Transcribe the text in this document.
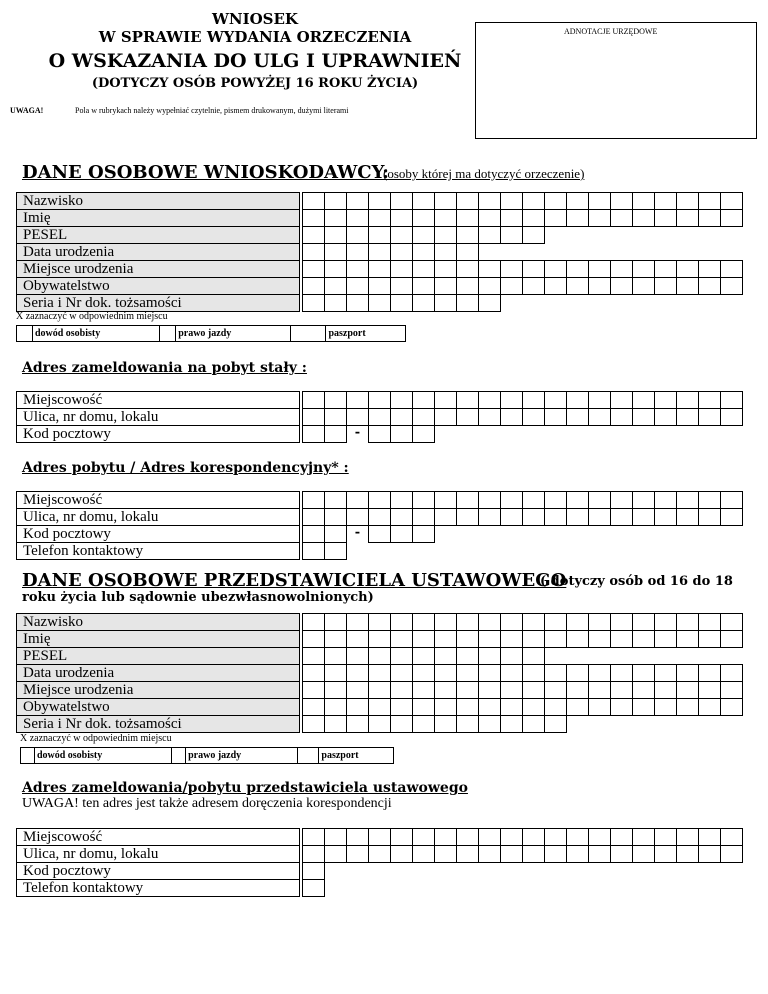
WNIOSEK
W SPRAWIE WYDANIA ORZECZENIA
O WSKAZANIA DO ULG I UPRAWNIEŃ
(DOTYCZY OSÓB POWYŻEJ 16 ROKU ŻYCIA)
ADNOTACJE URZĘDOWE
UWAGA!	Pola w rubrykach należy wypełniać czytelnie, pismem drukowanym, dużymi literami
DANE OSOBOWE WNIOSKODAWCY:
(osoby której ma dotyczyć orzeczenie)
Nazwisko
Imię
PESEL
Data urodzenia
Miejsce urodzenia
Obywatelstwo
Seria i Nr dok. tożsamości
X zaznaczyć w odpowiednim miejscu
dowód osobisty	prawo jazdy	paszport
Adres zameldowania na pobyt stały :
Miejscowość
Ulica, nr domu, lokalu
Kod pocztowy	-
Adres pobytu / Adres korespondencyjny* :
Miejscowość
Ulica, nr domu, lokalu
Kod pocztowy	-
Telefon kontaktowy
DANE OSOBOWE PRZEDSTAWICIELA USTAWOWEGO
( dotyczy osób od 16 do 18
roku życia lub sądownie ubezwłasnowolnionych)
Nazwisko
Imię
PESEL
Data urodzenia
Miejsce urodzenia
Obywatelstwo
Seria i Nr dok. tożsamości
X zaznaczyć w odpowiednim miejscu
dowód osobisty	prawo jazdy	paszport
Adres zameldowania/pobytu przedstawiciela ustawowego
UWAGA! ten adres jest także adresem doręczenia korespondencji
Miejscowość
Ulica, nr domu, lokalu
Kod pocztowy
Telefon kontaktowy
